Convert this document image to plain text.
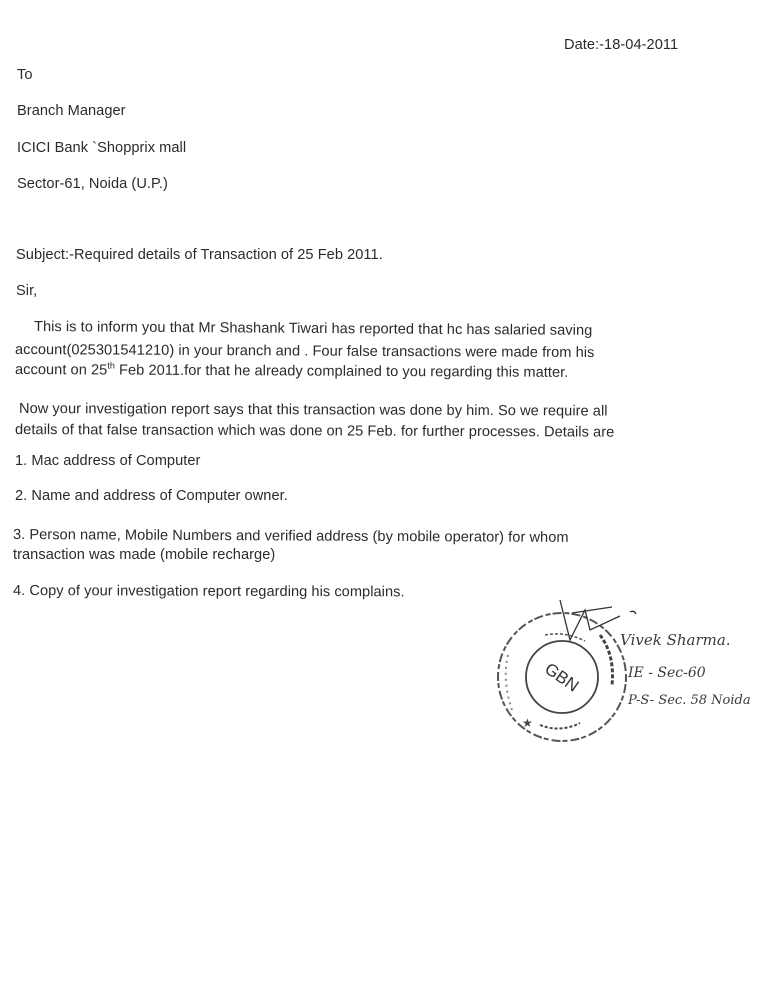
Date:-18-04-2011
To
Branch Manager
ICICI Bank `Shopprix mall
Sector-61, Noida (U.P.)
Subject:-Required details of Transaction of 25 Feb 2011.
Sir,
This is to inform you that Mr Shashank Tiwari has reported that hc has salaried saving
account(025301541210) in your branch and . Four false transactions were made from his
account on 25th Feb 2011.for that he already complained to you regarding this matter.
Now your investigation report says that this transaction was done by him. So we require all
details of that false transaction which was done on 25 Feb. for further processes. Details are
1. Mac address of Computer
2. Name and address of Computer owner.
3. Person name, Mobile Numbers and verified address (by mobile operator) for whom
transaction was made (mobile recharge)
4. Copy of your investigation report regarding his complains.
GBN
★
Vivek Sharma.
IE - Sec-60
P-S- Sec. 58 Noida
